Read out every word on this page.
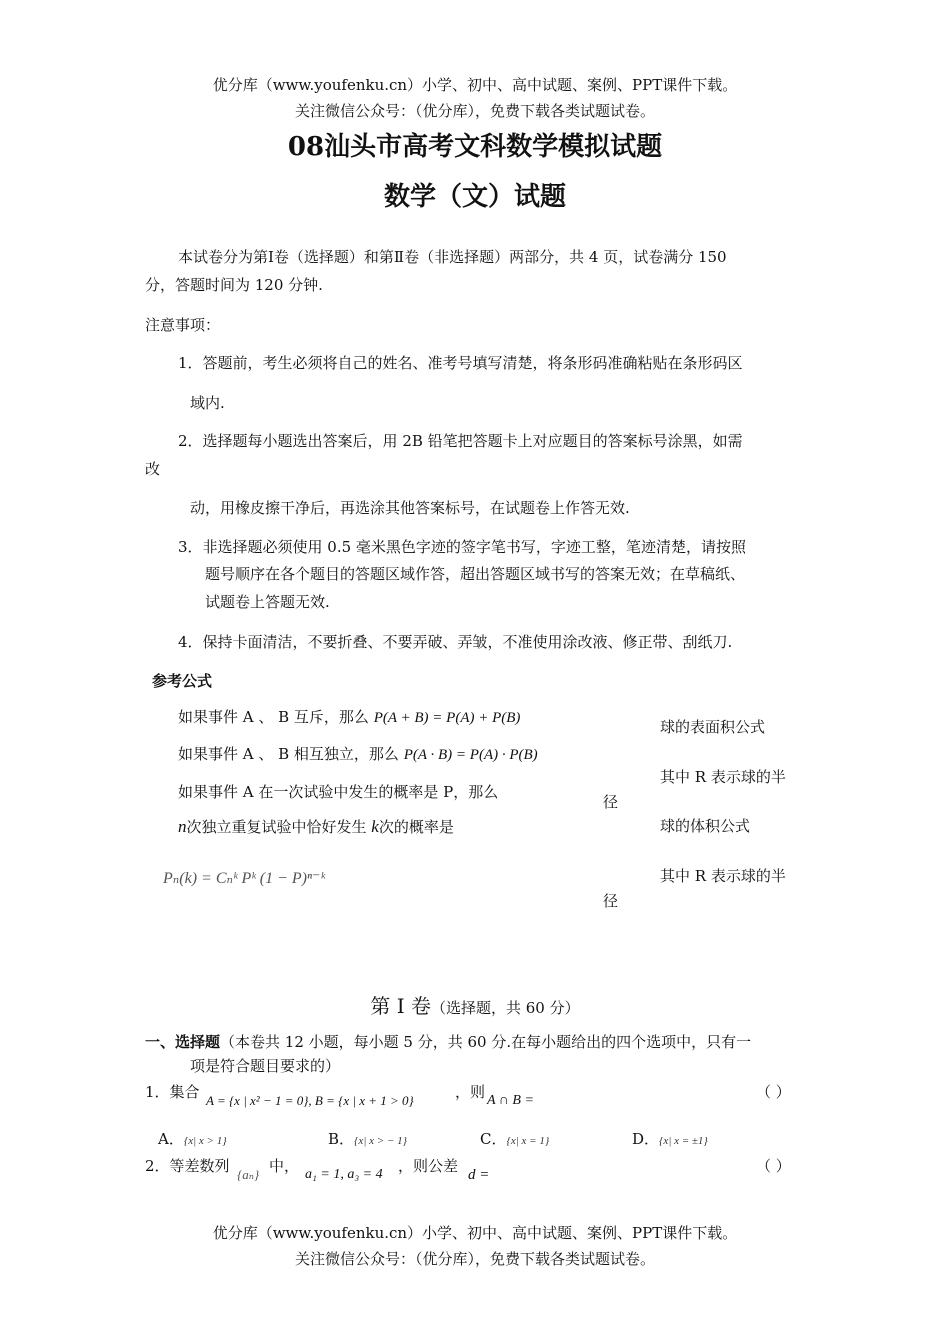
优分库（www.youfenku.cn）小学、初中、高中试题、案例、PPT课件下载。
关注微信公众号：（优分库），免费下载各类试题试卷。
08汕头市高考文科数学模拟试题
数学（文）试题
本试卷分为第Ⅰ卷（选择题）和第Ⅱ卷（非选择题）两部分，共 4 页，试卷满分 150
分，答题时间为 120 分钟.
注意事项：
1．答题前，考生必须将自己的姓名、准考号填写清楚，将条形码准确粘贴在条形码区
域内.
2．选择题每小题选出答案后，用 2B 铅笔把答题卡上对应题目的答案标号涂黑，如需
改
动，用橡皮擦干净后，再选涂其他答案标号，在试题卷上作答无效.
3．非选择题必须使用 0.5 毫米黑色字迹的签字笔书写，字迹工整，笔迹清楚，请按照
题号顺序在各个题目的答题区域作答，超出答题区域书写的答案无效；在草稿纸、
试题卷上答题无效.
4．保持卡面清洁，不要折叠、不要弄破、弄皱，不准使用涂改液、修正带、刮纸刀.
参考公式
如果事件 A 、 B 互斥，那么 P(A + B) = P(A) + P(B)
如果事件 A 、 B 相互独立，那么 P(A · B) = P(A) · P(B)
如果事件 A 在一次试验中发生的概率是 P，那么
n次独立重复试验中恰好发生 k次的概率是
Pₙ(k) = Cₙᵏ Pᵏ (1 − P)ⁿ⁻ᵏ
球的表面积公式
其中 R 表示球的半
径
球的体积公式
其中 R 表示球的半
径
第 Ⅰ 卷（选择题，共 60 分）
一、选择题（本卷共 12 小题，每小题 5 分，共 60 分.在每小题给出的四个选项中，只有一
项是符合题目要求的）
1．集合 A = {x | x² − 1 = 0}, B = {x | x + 1 > 0}	，则 A ∩ B =	（ ）
A．{x| x > 1}	B．{x| x > − 1}	C．{x| x = 1}	D．{x| x = ±1}
2．等差数列 {aₙ} 中， a₁ = 1, a₃ = 4 ，则公差 d =	（ ）
优分库（www.youfenku.cn）小学、初中、高中试题、案例、PPT课件下载。
关注微信公众号：（优分库），免费下载各类试题试卷。
